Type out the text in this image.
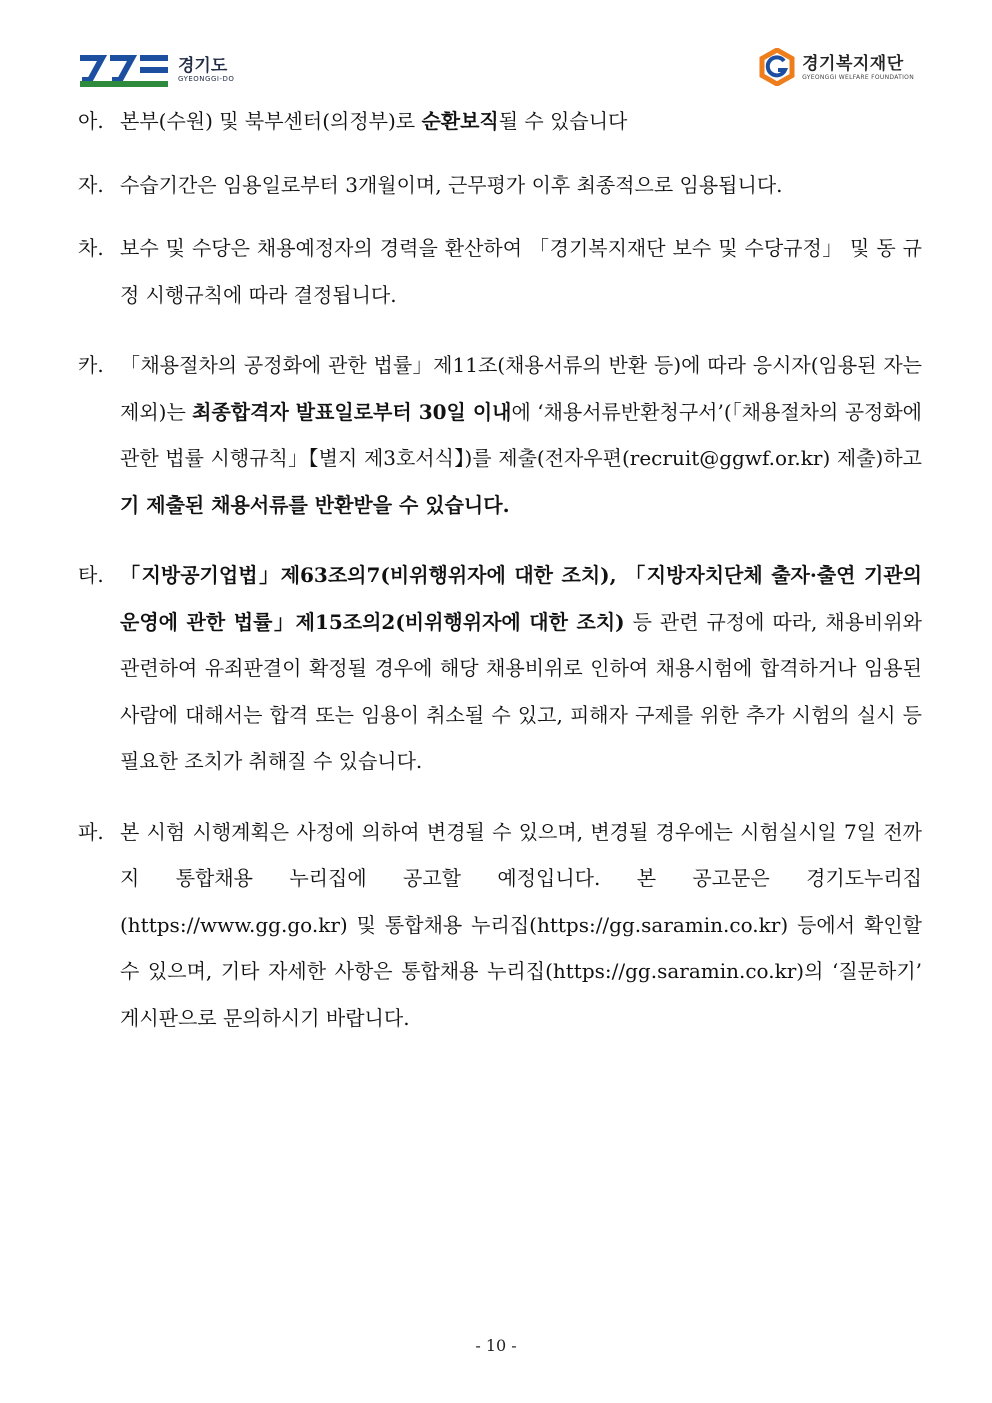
경기도
GYEONGGI-DO
경기복지재단
GYEONGGI WELFARE FOUNDATION
아. 본부(수원) 및 북부센터(의정부)로 순환보직될 수 있습니다
자. 수습기간은 임용일로부터 3개월이며, 근무평가 이후 최종적으로 임용됩니다.
차. 보수 및 수당은 채용예정자의 경력을 환산하여 「경기복지재단 보수 및 수당규정」 및 동 규정 시행규칙에 따라 결정됩니다.
카. 「채용절차의 공정화에 관한 법률」제11조(채용서류의 반환 등)에 따라 응시자(임용된 자는 제외)는 최종합격자 발표일로부터 30일 이내에 ‘채용서류반환청구서’(「채용절차의 공정화에 관한 법률 시행규칙」【별지 제3호서식】)를 제출(전자우편(recruit@ggwf.or.kr) 제출)하고 기 제출된 채용서류를 반환받을 수 있습니다.
타. 「지방공기업법」제63조의7(비위행위자에 대한 조치), 「지방자치단체 출자·출연 기관의 운영에 관한 법률」제15조의2(비위행위자에 대한 조치) 등 관련 규정에 따라, 채용비위와 관련하여 유죄판결이 확정될 경우에 해당 채용비위로 인하여 채용시험에 합격하거나 임용된 사람에 대해서는 합격 또는 임용이 취소될 수 있고, 피해자 구제를 위한 추가 시험의 실시 등 필요한 조치가 취해질 수 있습니다.
파. 본 시험 시행계획은 사정에 의하여 변경될 수 있으며, 변경될 경우에는 시험실시일 7일 전까지 통합채용 누리집에 공고할 예정입니다. 본 공고문은 경기도누리집(https://www.gg.go.kr) 및 통합채용 누리집(https://gg.saramin.co.kr) 등에서 확인할 수 있으며, 기타 자세한 사항은 통합채용 누리집(https://gg.saramin.co.kr)의 ‘질문하기’ 게시판으로 문의하시기 바랍니다.
- 10 -
